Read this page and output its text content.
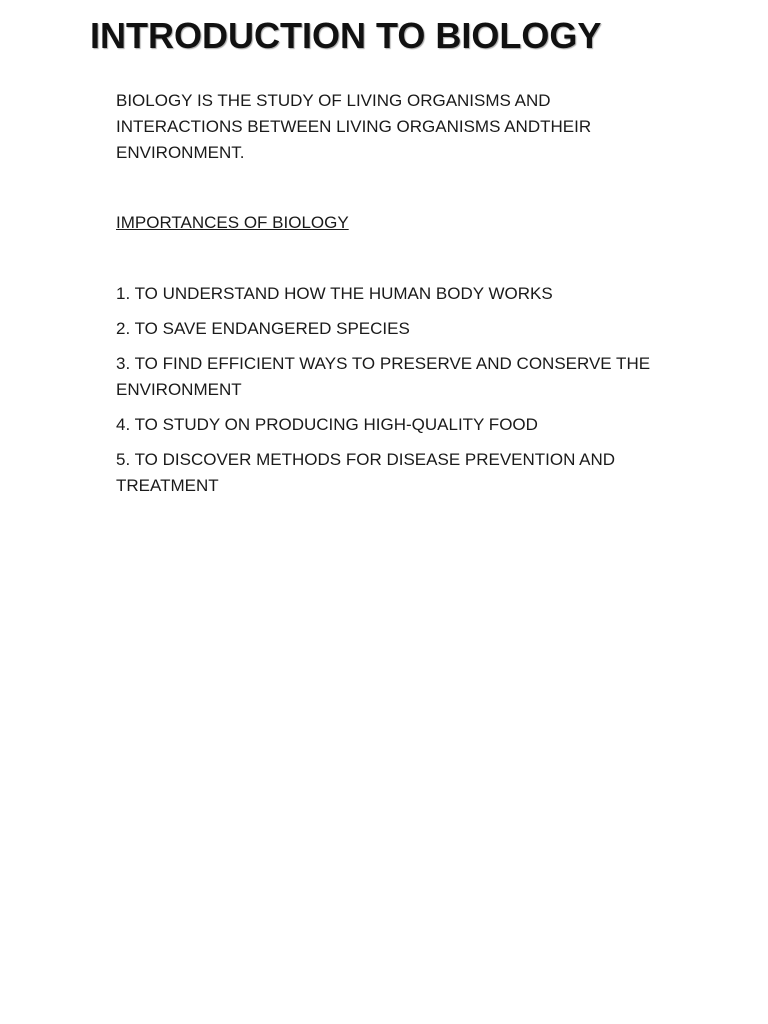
INTRODUCTION TO BIOLOGY

BIOLOGY IS THE STUDY OF LIVING ORGANISMS AND
INTERACTIONS BETWEEN LIVING ORGANISMS ANDTHEIR
ENVIRONMENT.

IMPORTANCES OF BIOLOGY

1. TO UNDERSTAND HOW THE HUMAN BODY WORKS
2. TO SAVE ENDANGERED SPECIES
3. TO FIND EFFICIENT WAYS TO PRESERVE AND CONSERVE THE
ENVIRONMENT
4. TO STUDY ON PRODUCING HIGH-QUALITY FOOD
5. TO DISCOVER METHODS FOR DISEASE PREVENTION AND
TREATMENT
